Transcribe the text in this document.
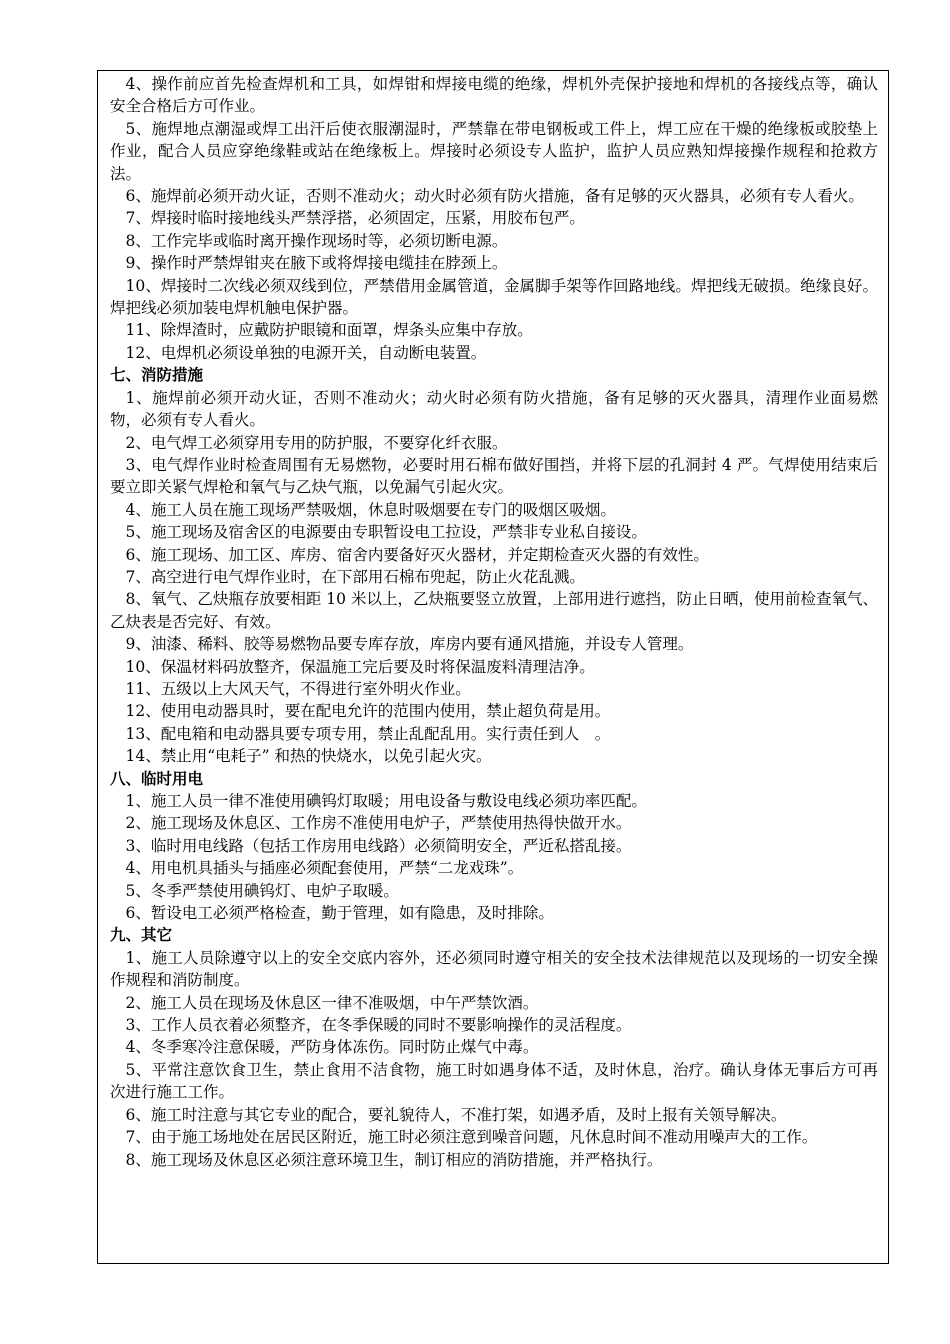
4、操作前应首先检查焊机和工具，如焊钳和焊接电缆的绝缘，焊机外壳保护接地和焊机的各接线点等，确认安全合格后方可作业。

5、施焊地点潮湿或焊工出汗后使衣服潮湿时，严禁靠在带电钢板或工件上，焊工应在干燥的绝缘板或胶垫上作业，配合人员应穿绝缘鞋或站在绝缘板上。焊接时必须设专人监护，监护人员应熟知焊接操作规程和抢救方法。

6、施焊前必须开动火证，否则不准动火；动火时必须有防火措施，备有足够的灭火器具，必须有专人看火。

7、焊接时临时接地线头严禁浮搭，必须固定，压紧，用胶布包严。

8、工作完毕或临时离开操作现场时等，必须切断电源。

9、操作时严禁焊钳夹在腋下或将焊接电缆挂在脖颈上。

10、焊接时二次线必须双线到位，严禁借用金属管道，金属脚手架等作回路地线。焊把线无破损。绝缘良好。焊把线必须加装电焊机触电保护器。

11、除焊渣时，应戴防护眼镜和面罩，焊条头应集中存放。

12、电焊机必须设单独的电源开关，自动断电装置。

七、消防措施

1、施焊前必须开动火证，否则不准动火；动火时必须有防火措施，备有足够的灭火器具，清理作业面易燃物，必须有专人看火。

2、电气焊工必须穿用专用的防护服，不要穿化纤衣服。

3、电气焊作业时检查周围有无易燃物，必要时用石棉布做好围挡，并将下层的孔洞封 4 严。气焊使用结束后要立即关紧气焊枪和氧气与乙炔气瓶，以免漏气引起火灾。

4、施工人员在施工现场严禁吸烟，休息时吸烟要在专门的吸烟区吸烟。

5、施工现场及宿舍区的电源要由专职暂设电工拉设，严禁非专业私自接设。

6、施工现场、加工区、库房、宿舍内要备好灭火器材，并定期检查灭火器的有效性。

7、高空进行电气焊作业时，在下部用石棉布兜起，防止火花乱溅。

8、氧气、乙炔瓶存放要相距 10 米以上，乙炔瓶要竖立放置，上部用进行遮挡，防止日晒，使用前检查氧气、乙炔表是否完好、有效。

9、油漆、稀料、胶等易燃物品要专库存放，库房内要有通风措施，并设专人管理。

10、保温材料码放整齐，保温施工完后要及时将保温废料清理洁净。

11、五级以上大风天气，不得进行室外明火作业。

12、使用电动器具时，要在配电允许的范围内使用，禁止超负荷是用。

13、配电箱和电动器具要专项专用，禁止乱配乱用。实行责任到人　。

14、禁止用“电耗子” 和热的快烧水，以免引起火灾。

八、临时用电

1、施工人员一律不准使用碘钨灯取暖；用电设备与敷设电线必须功率匹配。

2、施工现场及休息区、工作房不准使用电炉子，严禁使用热得快做开水。

3、临时用电线路（包括工作房用电线路）必须简明安全，严近私搭乱接。

4、用电机具插头与插座必须配套使用，严禁“二龙戏珠”。

5、冬季严禁使用碘钨灯、电炉子取暖。

6、暂设电工必须严格检查，勤于管理，如有隐患，及时排除。

九、其它

1、施工人员除遵守以上的安全交底内容外，还必须同时遵守相关的安全技术法律规范以及现场的一切安全操作规程和消防制度。

2、施工人员在现场及休息区一律不准吸烟，中午严禁饮酒。

3、工作人员衣着必须整齐，在冬季保暖的同时不要影响操作的灵活程度。

4、冬季寒冷注意保暖，严防身体冻伤。同时防止煤气中毒。

5、平常注意饮食卫生，禁止食用不洁食物，施工时如遇身体不适，及时休息，治疗。确认身体无事后方可再次进行施工工作。

6、施工时注意与其它专业的配合，要礼貌待人，不准打架，如遇矛盾，及时上报有关领导解决。

7、由于施工场地处在居民区附近，施工时必须注意到噪音问题，凡休息时间不准动用噪声大的工作。

8、施工现场及休息区必须注意环境卫生，制订相应的消防措施，并严格执行。
